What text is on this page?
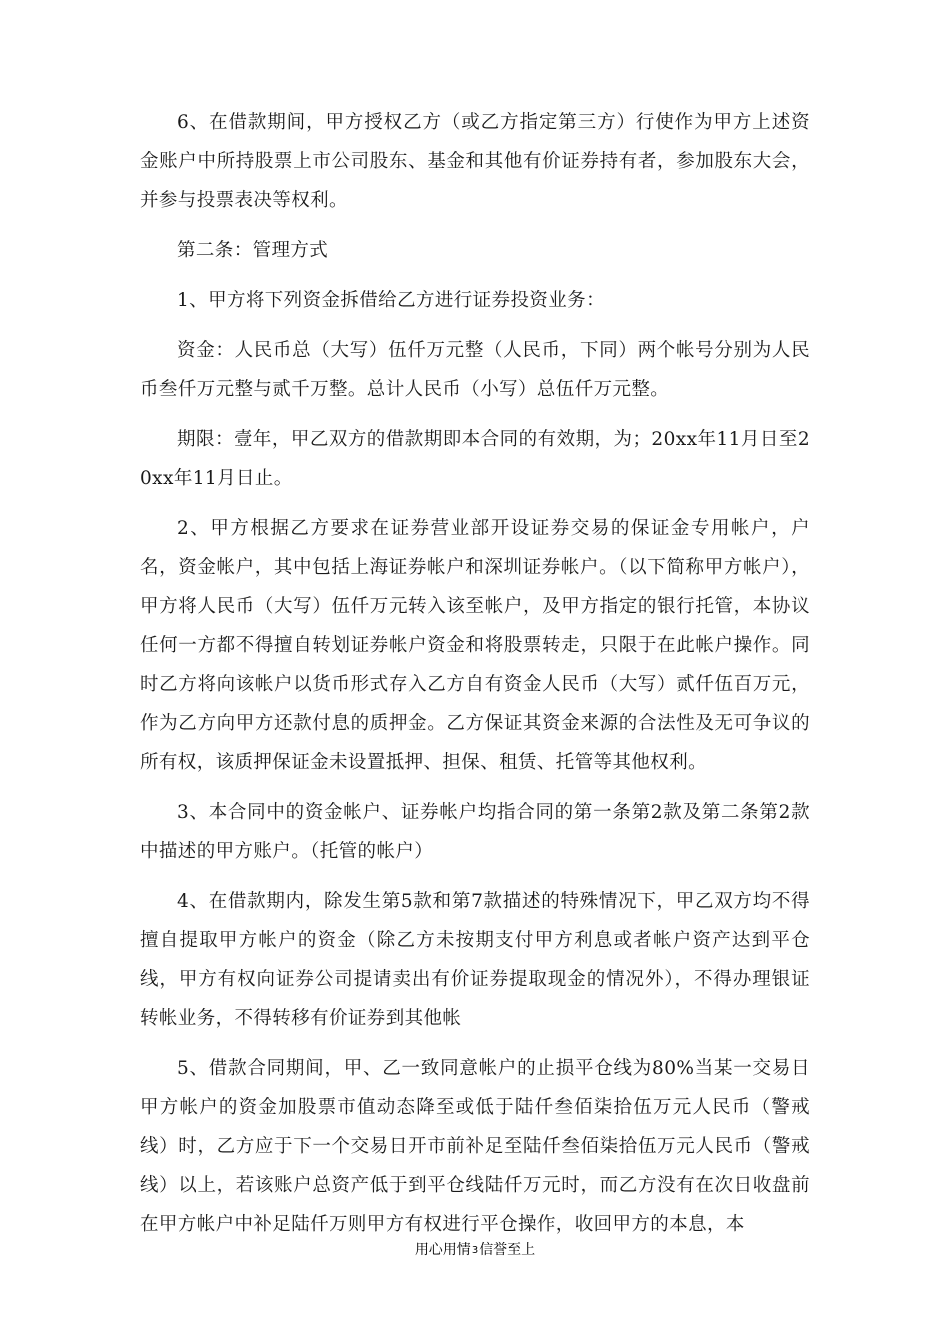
6、在借款期间，甲方授权乙方（或乙方指定第三方）行使作为甲方上述资金账户中所持股票上市公司股东、基金和其他有价证券持有者，参加股东大会，并参与投票表决等权利。

第二条：管理方式

1、甲方将下列资金拆借给乙方进行证券投资业务：

资金：人民币总（大写）伍仟万元整（人民币，下同）两个帐号分别为人民币叁仟万元整与贰千万整。总计人民币（小写）总伍仟万元整。

期限：壹年，甲乙双方的借款期即本合同的有效期，为；20xx年11月日至20xx年11月日止。

2、甲方根据乙方要求在证券营业部开设证券交易的保证金专用帐户，户名，资金帐户，其中包括上海证券帐户和深圳证券帐户。（以下简称甲方帐户），甲方将人民币（大写）伍仟万元转入该至帐户，及甲方指定的银行托管，本协议任何一方都不得擅自转划证券帐户资金和将股票转走，只限于在此帐户操作。同时乙方将向该帐户以货币形式存入乙方自有资金人民币（大写）贰仟伍百万元，作为乙方向甲方还款付息的质押金。乙方保证其资金来源的合法性及无可争议的所有权，该质押保证金未设置抵押、担保、租赁、托管等其他权利。

3、本合同中的资金帐户、证券帐户均指合同的第一条第2款及第二条第2款中描述的甲方账户。（托管的帐户）

4、在借款期内，除发生第5款和第7款描述的特殊情况下，甲乙双方均不得擅自提取甲方帐户的资金（除乙方未按期支付甲方利息或者帐户资产达到平仓线，甲方有权向证券公司提请卖出有价证券提取现金的情况外），不得办理银证转帐业务，不得转移有价证券到其他帐

5、借款合同期间，甲、乙一致同意帐户的止损平仓线为80%当某一交易日甲方帐户的资金加股票市值动态降至或低于陆仟叁佰柒拾伍万元人民币（警戒线）时，乙方应于下一个交易日开市前补足至陆仟叁佰柒拾伍万元人民币（警戒线）以上，若该账户总资产低于到平仓线陆仟万元时，而乙方没有在次日收盘前在甲方帐户中补足陆仟万则甲方有权进行平仓操作，收回甲方的本息，本

用心用情3信誉至上
